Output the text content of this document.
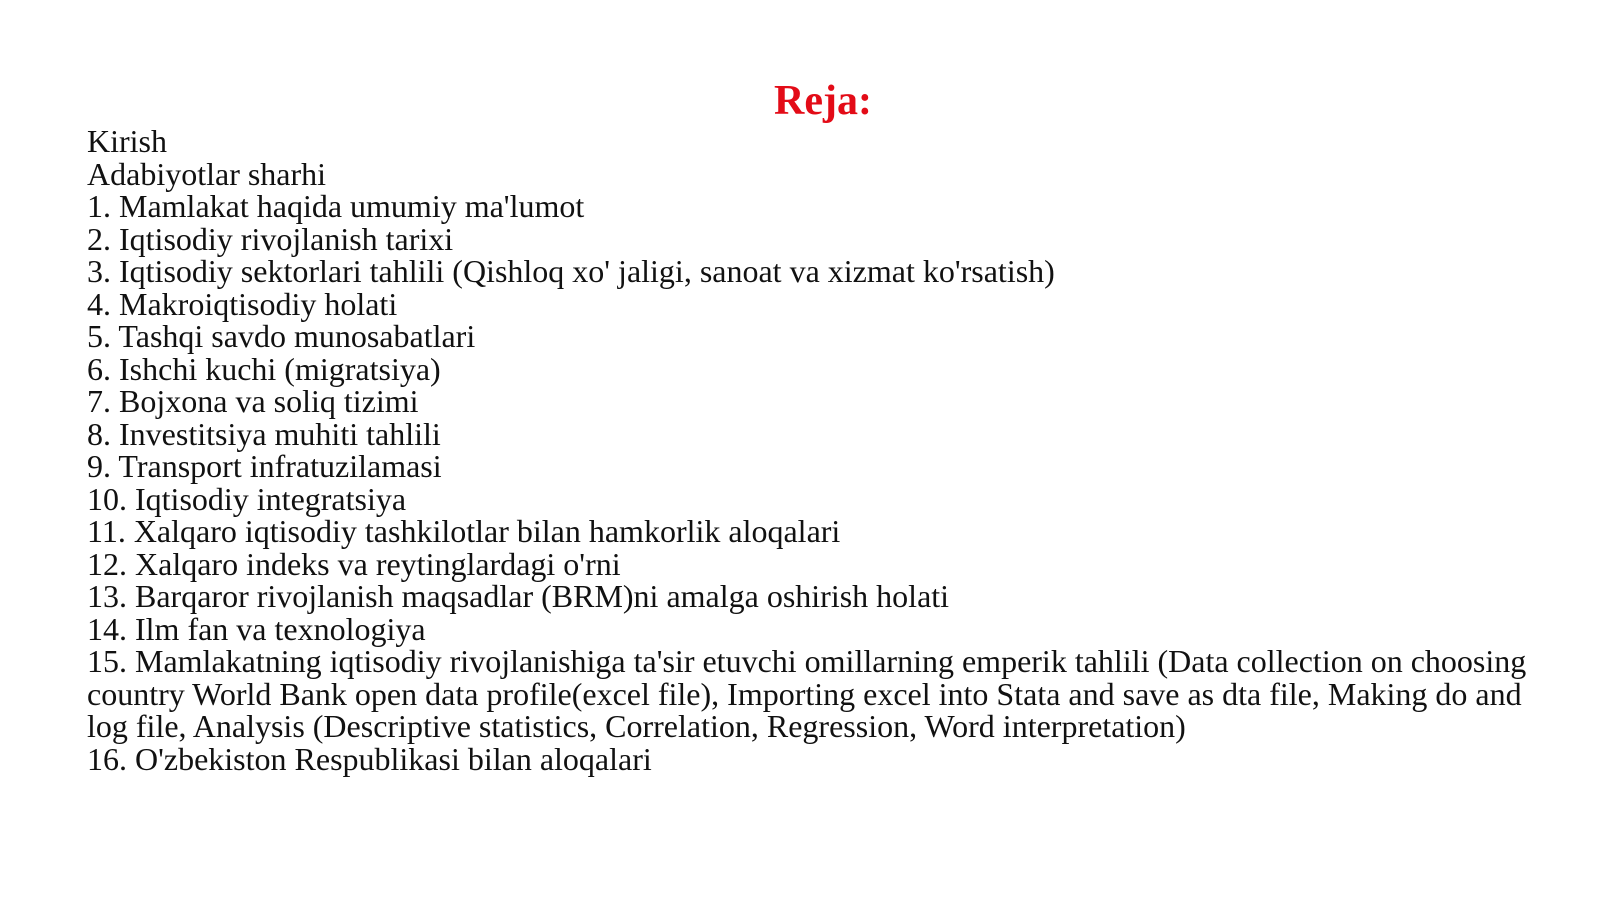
Reja:
Kirish
Adabiyotlar sharhi
1. Mamlakat haqida umumiy ma'lumot
2. Iqtisodiy rivojlanish tarixi
3. Iqtisodiy sektorlari tahlili (Qishloq xo' jaligi, sanoat va xizmat ko'rsatish)
4. Makroiqtisodiy holati
5. Tashqi savdo munosabatlari
6. Ishchi kuchi (migratsiya)
7. Bojxona va soliq tizimi
8. Investitsiya muhiti tahlili
9. Transport infratuzilamasi
10. Iqtisodiy integratsiya
11. Xalqaro iqtisodiy tashkilotlar bilan hamkorlik aloqalari
12. Xalqaro indeks va reytinglardagi o'rni
13. Barqaror rivojlanish maqsadlar (BRM)ni amalga oshirish holati
14. Ilm fan va texnologiya
15. Mamlakatning iqtisodiy rivojlanishiga ta'sir etuvchi omillarning emperik tahlili (Data collection on choosing country World Bank open data profile(excel file), Importing excel into Stata and save as dta file, Making do and log file, Analysis (Descriptive statistics, Correlation, Regression, Word interpretation)
16. O'zbekiston Respublikasi bilan aloqalari
